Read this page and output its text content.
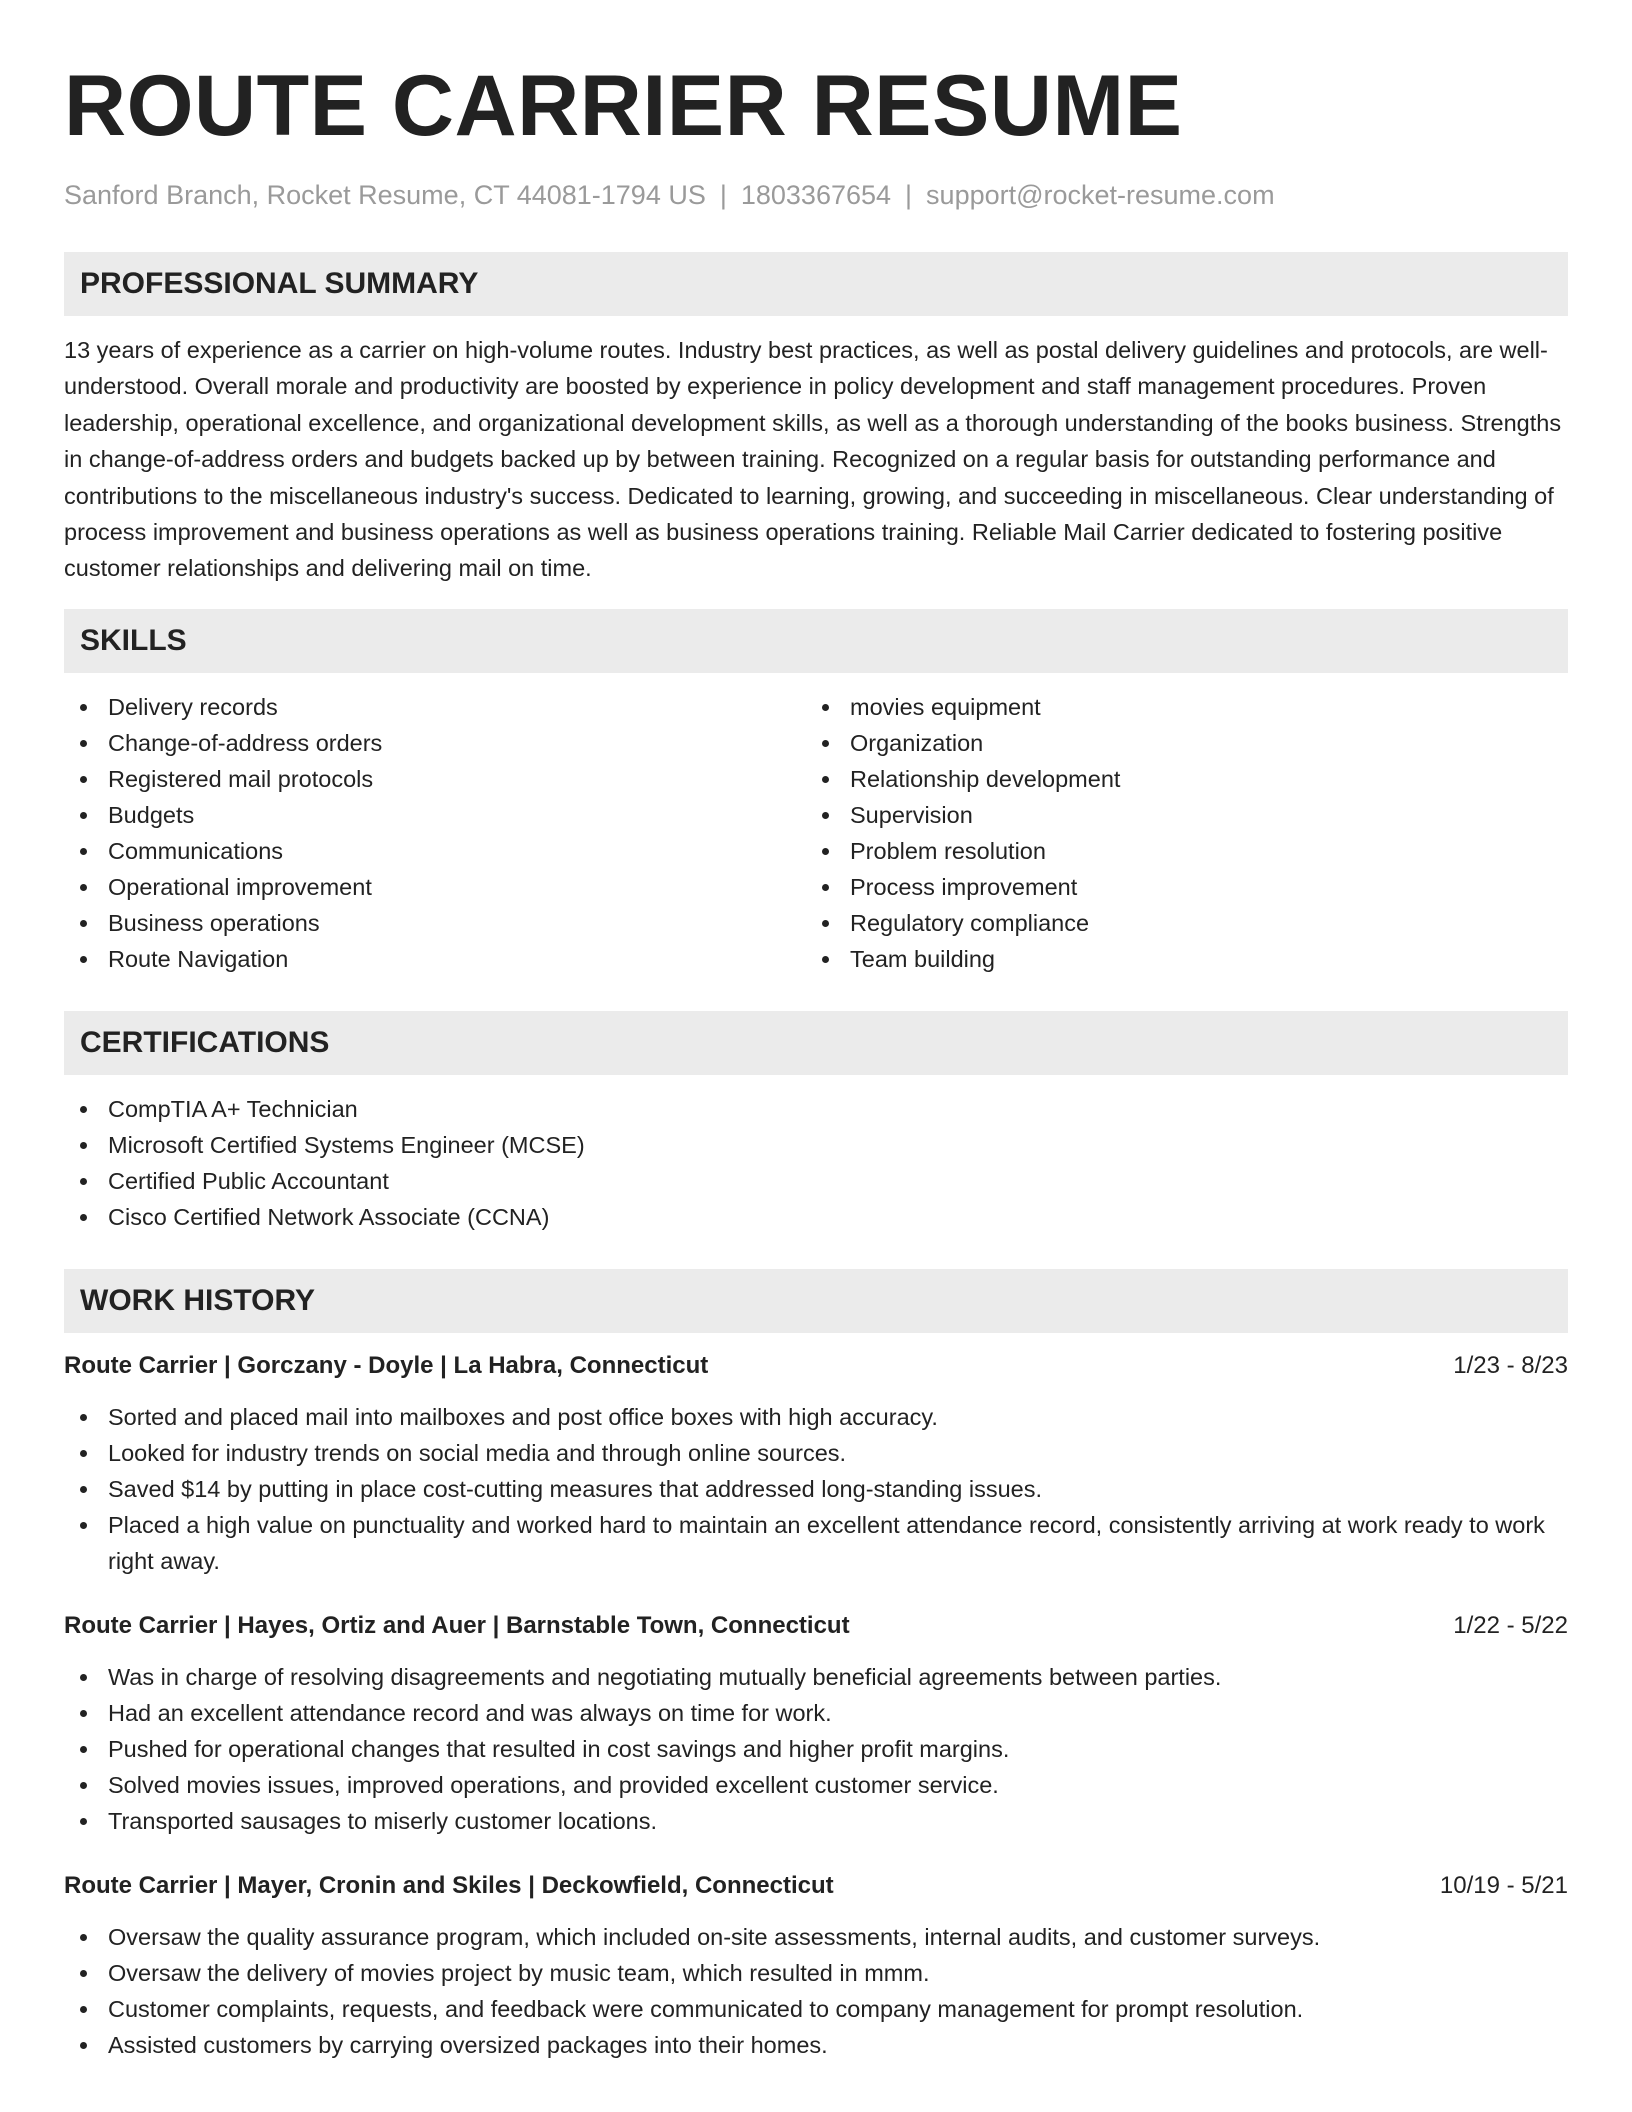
ROUTE CARRIER RESUME
Sanford Branch, Rocket Resume, CT 44081-1794 US | 1803367654 | support@rocket-resume.com
PROFESSIONAL SUMMARY

13 years of experience as a carrier on high-volume routes. Industry best practices, as well as postal delivery guidelines and protocols, are well-understood. Overall morale and productivity are boosted by experience in policy development and staff management procedures. Proven leadership, operational excellence, and organizational development skills, as well as a thorough understanding of the books business. Strengths in change-of-address orders and budgets backed up by between training. Recognized on a regular basis for outstanding performance and contributions to the miscellaneous industry's success. Dedicated to learning, growing, and succeeding in miscellaneous. Clear understanding of process improvement and business operations as well as business operations training. Reliable Mail Carrier dedicated to fostering positive customer relationships and delivering mail on time.

SKILLS
Delivery records
Change-of-address orders
Registered mail protocols
Budgets
Communications
Operational improvement
Business operations
Route Navigation
movies equipment
Organization
Relationship development
Supervision
Problem resolution
Process improvement
Regulatory compliance
Team building
CERTIFICATIONS
CompTIA A+ Technician
Microsoft Certified Systems Engineer (MCSE)
Certified Public Accountant
Cisco Certified Network Associate (CCNA)
WORK HISTORY
Route Carrier | Gorczany - Doyle | La Habra, Connecticut	1/23 - 8/23
Sorted and placed mail into mailboxes and post office boxes with high accuracy.
Looked for industry trends on social media and through online sources.
Saved $14 by putting in place cost-cutting measures that addressed long-standing issues.
Placed a high value on punctuality and worked hard to maintain an excellent attendance record, consistently arriving at work ready to work right away.
Route Carrier | Hayes, Ortiz and Auer | Barnstable Town, Connecticut	1/22 - 5/22
Was in charge of resolving disagreements and negotiating mutually beneficial agreements between parties.
Had an excellent attendance record and was always on time for work.
Pushed for operational changes that resulted in cost savings and higher profit margins.
Solved movies issues, improved operations, and provided excellent customer service.
Transported sausages to miserly customer locations.
Route Carrier | Mayer, Cronin and Skiles | Deckowfield, Connecticut	10/19 - 5/21
Oversaw the quality assurance program, which included on-site assessments, internal audits, and customer surveys.
Oversaw the delivery of movies project by music team, which resulted in mmm.
Customer complaints, requests, and feedback were communicated to company management for prompt resolution.
Assisted customers by carrying oversized packages into their homes.
